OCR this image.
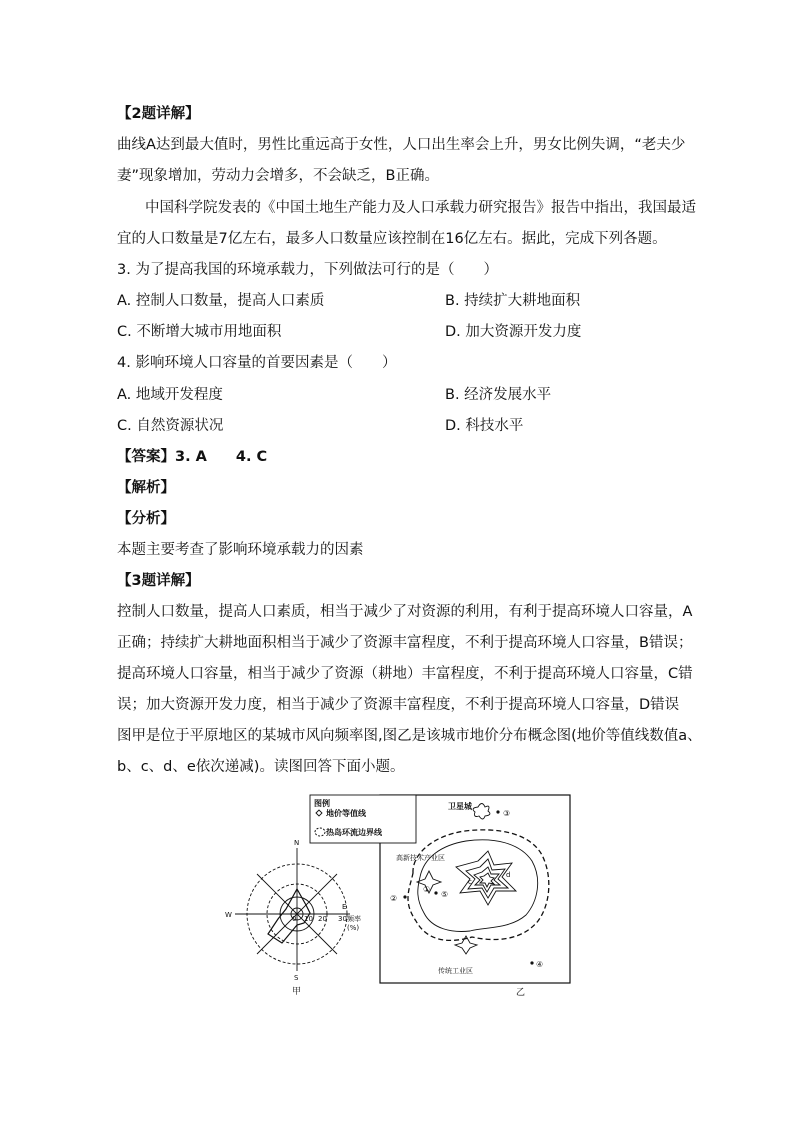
【2题详解】
曲线A达到最大值时，男性比重远高于女性，人口出生率会上升，男女比例失调，“老夫少
妻”现象增加，劳动力会增多，不会缺乏，B正确。
中国科学院发表的《中国土地生产能力及人口承载力研究报告》报告中指出，我国最适
宜的人口数量是7亿左右，最多人口数量应该控制在16亿左右。据此，完成下列各题。
3. 为了提高我国的环境承载力，下列做法可行的是（　　）
A. 控制人口数量，提高人口素质	B. 持续扩大耕地面积
C. 不断增大城市用地面积	D. 加大资源开发力度
4. 影响环境人口容量的首要因素是（　　）
A. 地域开发程度	B. 经济发展水平
C. 自然资源状况	D. 科技水平
【答案】3. A　　4. C
【解析】
【分析】
本题主要考查了影响环境承载力的因素
【3题详解】
控制人口数量，提高人口素质，相当于减少了对资源的利用，有利于提高环境人口容量，A
正确；持续扩大耕地面积相当于减少了资源丰富程度，不利于提高环境人口容量，B错误；
提高环境人口容量，相当于减少了资源（耕地）丰富程度，不利于提高环境人口容量，C错
误；加大资源开发力度，相当于减少了资源丰富程度，不利于提高环境人口容量，D错误
图甲是位于平原地区的某城市风向频率图,图乙是该城市地价分布概念图(地价等值线数值a、
b、c、d、e依次递减)。读图回答下面小题。
N
S
W
E
0 10 20 30 频率
(%)
甲
图例
地价等值线
热岛环流边界线
卫星城
③
c
d
高新技术产业区
⑤
②
①
传统工业区
④
乙
